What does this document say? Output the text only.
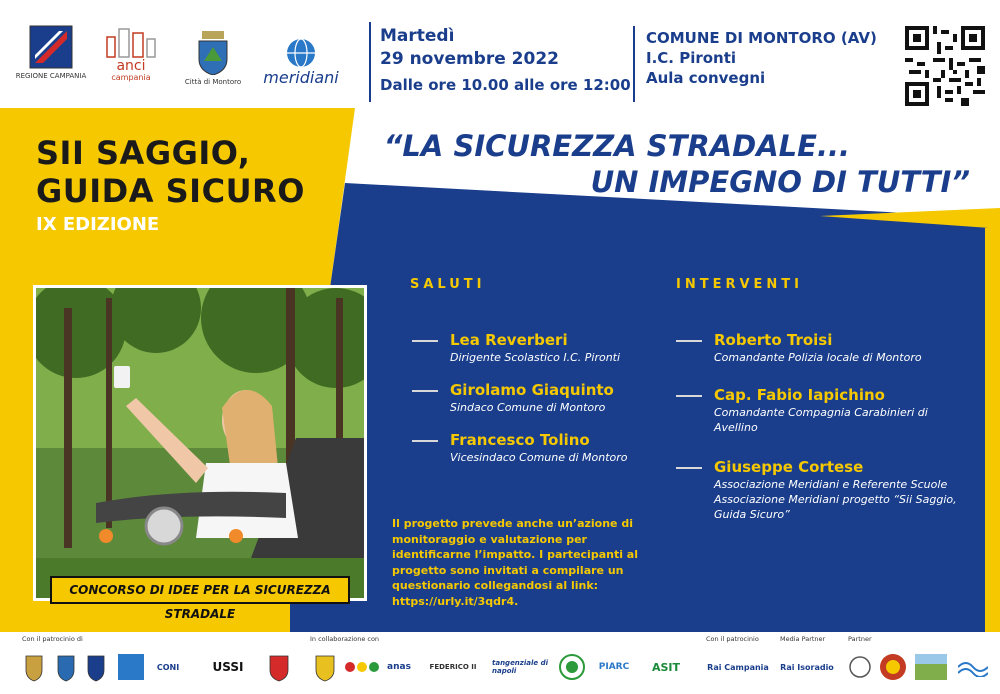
REGIONE CAMPANIA
anci
campania	Città di Montoro meridiani
Martedì
29 novembre 2022
Dalle ore 10.00 alle ore 12:00
COMUNE DI MONTORO (AV)
I.C. Pironti
Aula convegni
SII SAGGIO,
GUIDA SICURO
IX EDIZIONE
“LA SICUREZZA STRADALE...
UN IMPEGNO DI TUTTI”
CONCORSO DI IDEE PER LA SICUREZZA STRADALE
SALUTI
Lea Reverberi
Dirigente Scolastico I.C. Pironti
Girolamo Giaquinto
Sindaco Comune di Montoro
Francesco Tolino
Vicesindaco Comune di Montoro
INTERVENTI
Roberto Troisi
Comandante Polizia locale di Montoro
Cap. Fabio Iapichino
Comandante Compagnia Carabinieri di
Avellino
Giuseppe Cortese
Associazione Meridiani e Referente Scuole
Associazione Meridiani progetto “Sii Saggio,
Guida Sicuro”
Il progetto prevede anche un’azione di monitoraggio e valutazione per identificarne l’impatto. I partecipanti al progetto sono invitati a compilare un questionario collegandosi al link: https://urly.it/3qdr4.
Con il patrocinio di	In collaborazione con	Con il patrocinio	Media Partner	Partner
CONI	USSI	anas	FEDERICO II	tangenziale di napoli	PIARC	ASIT	Rai Campania	Rai Isoradio
